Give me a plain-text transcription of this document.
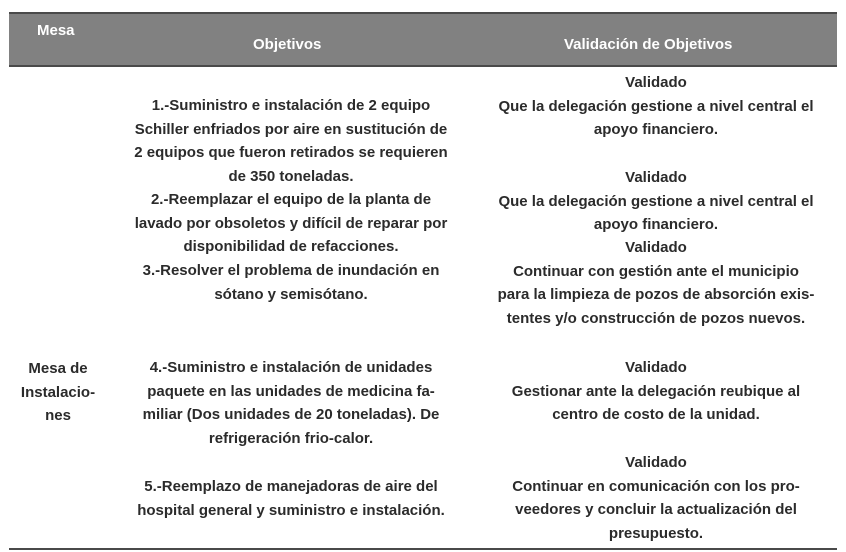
Mesa
Objetivos	Validación de Objetivos
Mesa de
Instalacio-
nes
1.-Suministro e instalación de 2 equipo
Schiller enfriados por aire en sustitución de
2 equipos que fueron retirados se requieren
de 350 toneladas.
2.-Reemplazar el equipo de la planta de
lavado por obsoletos y difícil de reparar por
disponibilidad de refacciones.
3.-Resolver el problema de inundación en
sótano y semisótano.
4.-Suministro e instalación de unidades
paquete en las unidades de medicina fa-
miliar (Dos unidades de 20 toneladas). De
refrigeración frio-calor.
5.-Reemplazo de manejadoras de aire del
hospital general y suministro e instalación.
Validado
Que la delegación gestione a nivel central el
apoyo financiero.
Validado
Que la delegación gestione a nivel central el
apoyo financiero.
Validado
Continuar con gestión ante el municipio
para la limpieza de pozos de absorción exis-
tentes y/o construcción de pozos nuevos.
Validado
Gestionar ante la delegación reubique al
centro de costo de la unidad.
Validado
Continuar en comunicación con los pro-
veedores y concluir la actualización del
presupuesto.
